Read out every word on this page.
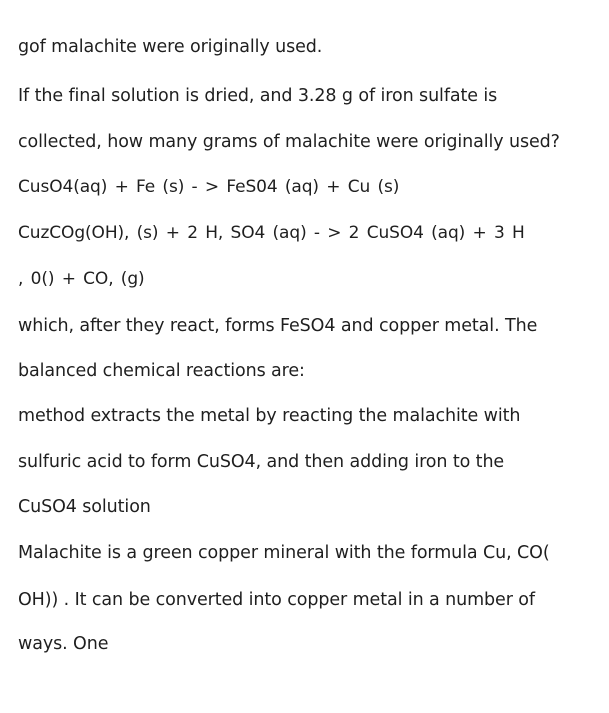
gof malachite were originally used.
If the final solution is dried, and 3.28 g of iron sulfate is
collected, how many grams of malachite were originally used?
CusO4(aq) + Fe (s) - > FeS04 (aq) + Cu (s)
CuzCOg(OH), (s) + 2 H, SO4 (aq) - > 2 CuSO4 (aq) + 3 H
, 0() + CO, (g)
which, after they react, forms FeSO4 and copper metal. The
balanced chemical reactions are:
method extracts the metal by reacting the malachite with
sulfuric acid to form CuSO4, and then adding iron to the
CuSO4 solution
Malachite is a green copper mineral with the formula Cu, CO(
OH)) . It can be converted into copper metal in a number of
ways. One
